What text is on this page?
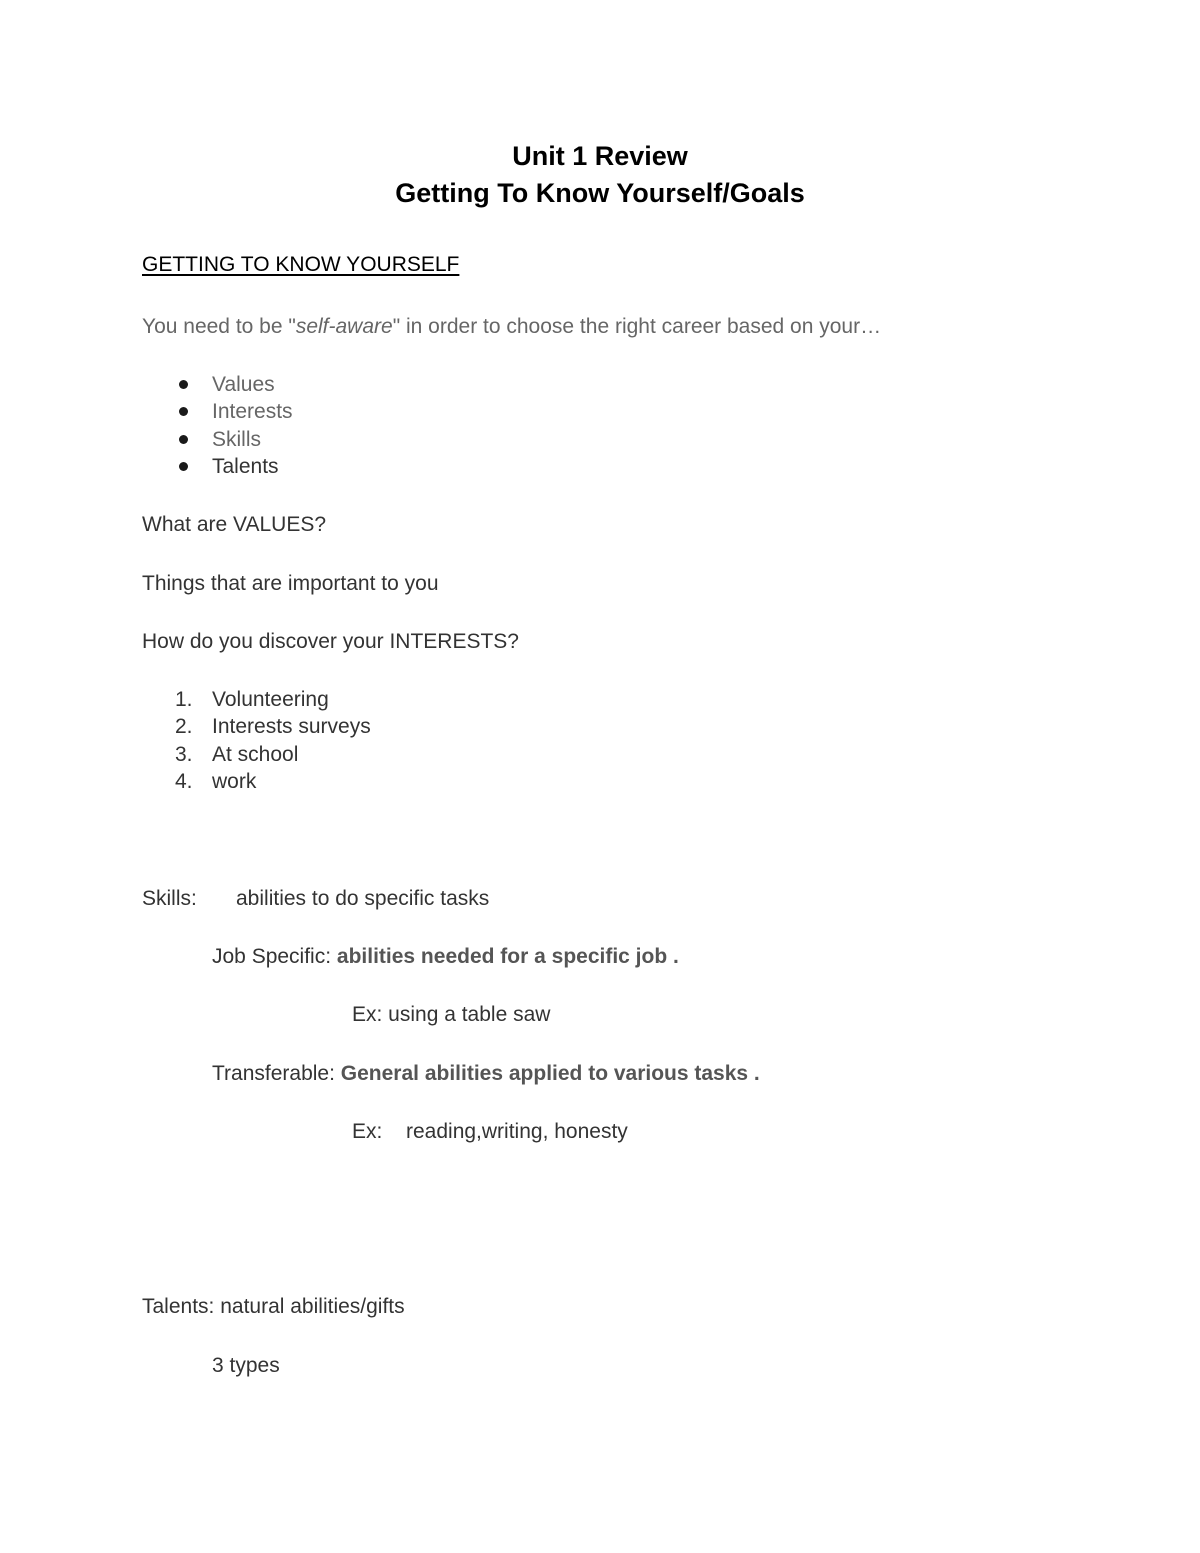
Unit 1 Review
Getting To Know Yourself/Goals
GETTING TO KNOW YOURSELF
You need to be "self-aware" in order to choose the right career based on your…
Values
Interests
Skills
Talents
What are VALUES?
Things that are important to you
How do you discover your INTERESTS?
1. Volunteering
2. Interests surveys
3. At school
4. work
Skills: abilities to do specific tasks
Job Specific: abilities needed for a specific job .
Ex: using a table saw
Transferable: General abilities applied to various tasks .
Ex: reading,writing, honesty
Talents: natural abilities/gifts
3 types
